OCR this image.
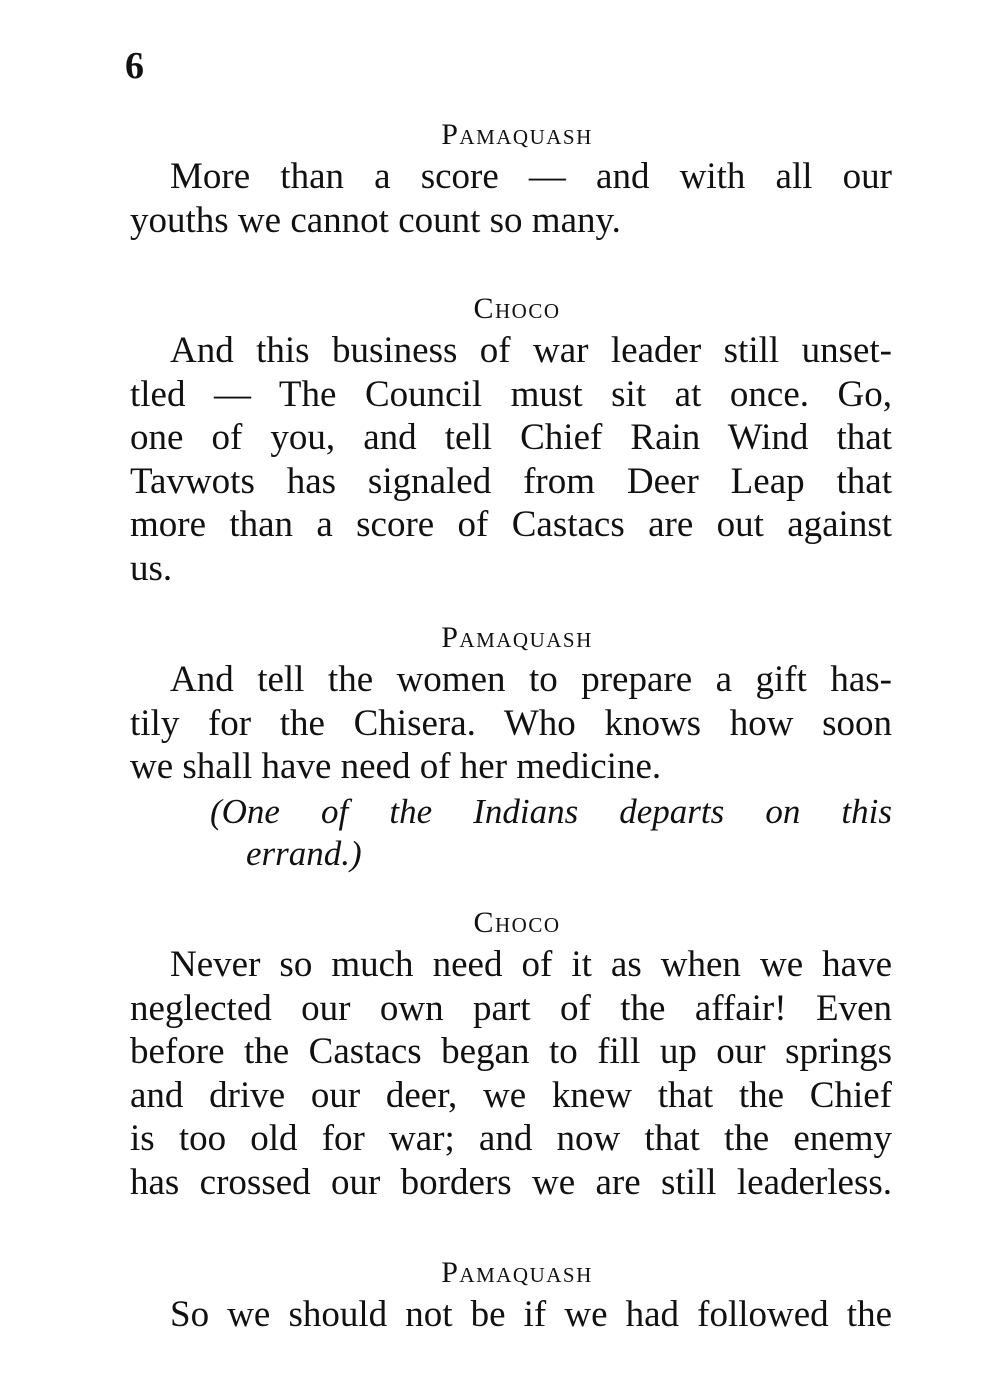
6
Pamaquash
More than a score — and with all our
youths we cannot count so many.
Choco
And this business of war leader still unset-
tled — The Council must sit at once. Go,
one of you, and tell Chief Rain Wind that
Tavwots has signaled from Deer Leap that
more than a score of Castacs are out against
us.
Pamaquash
And tell the women to prepare a gift has-
tily for the Chisera. Who knows how soon
we shall have need of her medicine.
(One of the Indians departs on this
errand.)
Choco
Never so much need of it as when we have
neglected our own part of the affair! Even
before the Castacs began to fill up our springs
and drive our deer, we knew that the Chief
is too old for war; and now that the enemy
has crossed our borders we are still leaderless.
Pamaquash
So we should not be if we had followed the
